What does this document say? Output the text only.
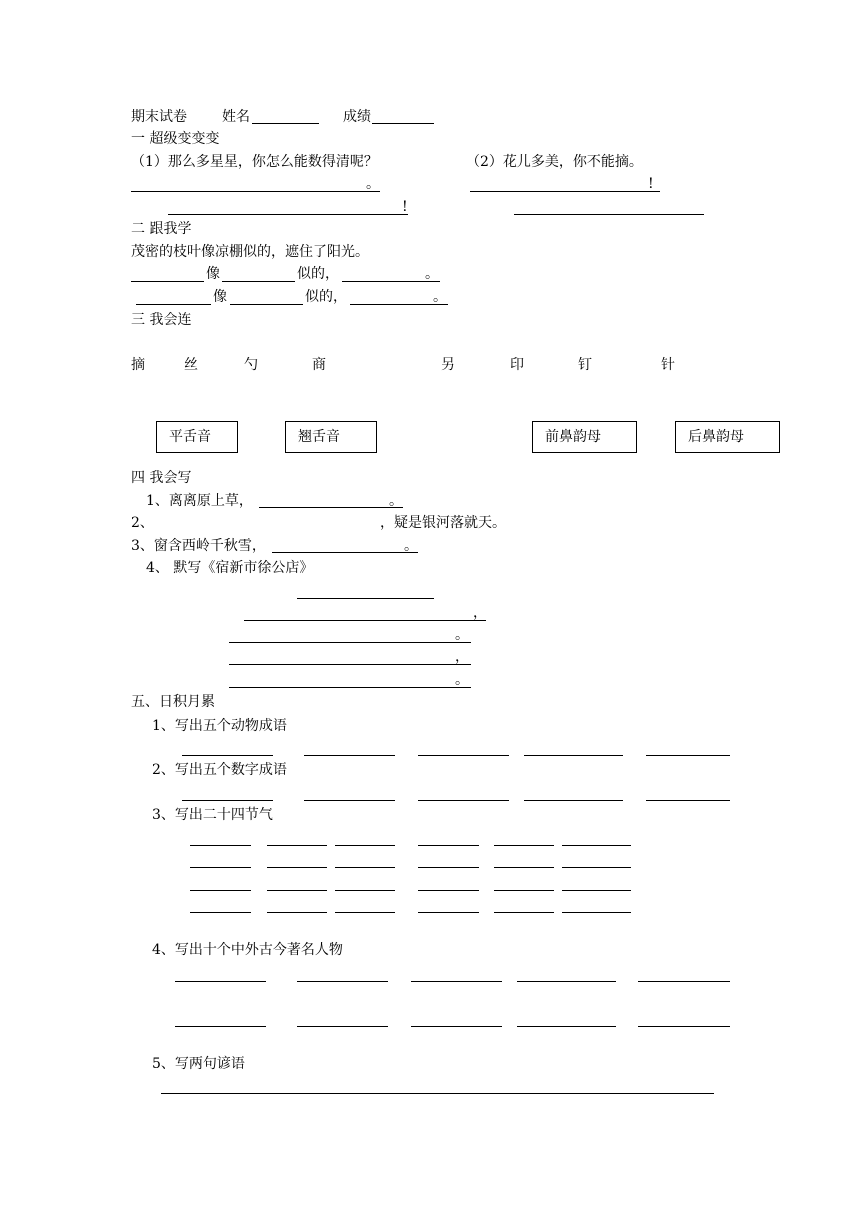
期末试卷	姓名	成绩
一 超级变变变
（1）那么多星星，你怎么能数得清呢？	（2）花儿多美，你不能摘。
。	!
!
二 跟我学
茂密的枝叶像凉棚似的，遮住了阳光。
像	似的，	。
像	似的，	。
三 我会连
摘	丝	勺	商	另	印	钉	针
平舌音	翘舌音	前鼻韵母	后鼻韵母
四 我会写
1、离离原上草，	。
2、	，疑是银河落就天。
3、窗含西岭千秋雪，	。
4、 默写《宿新市徐公店》
，
。
，
。
五、日积月累
1、写出五个动物成语
2、写出五个数字成语
3、写出二十四节气
4、写出十个中外古今著名人物
5、写两句谚语
